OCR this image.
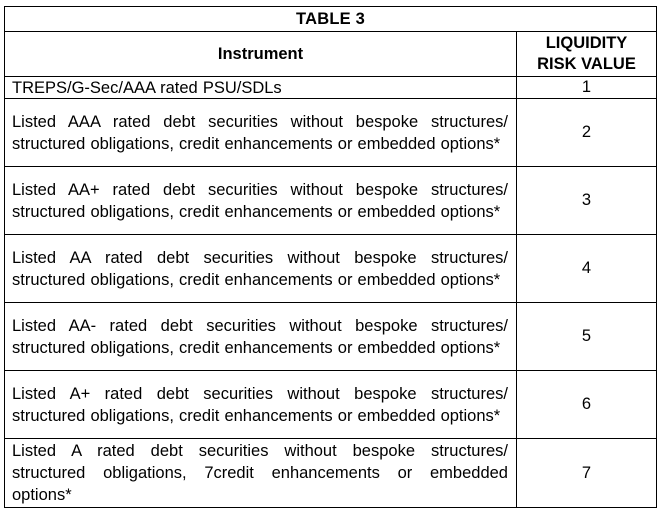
TABLE 3	
Instrument	LIQUIDITY
RISK VALUE

TREPS/G-Sec/AAA rated PSU/SDLs	1
Listed AAA rated debt securities without bespoke structures/ structured obligations, credit enhancements or embedded options*	2
Listed AA+ rated debt securities without bespoke structures/ structured obligations, credit enhancements or embedded options*	3
Listed AA rated debt securities without bespoke structures/ structured obligations, credit enhancements or embedded options*	4
Listed AA- rated debt securities without bespoke structures/ structured obligations, credit enhancements or embedded options*	5
Listed A+ rated debt securities without bespoke structures/ structured obligations, credit enhancements or embedded options*	6
Listed A rated debt securities without bespoke structures/ structured obligations, 7credit enhancements or embedded options*	7
